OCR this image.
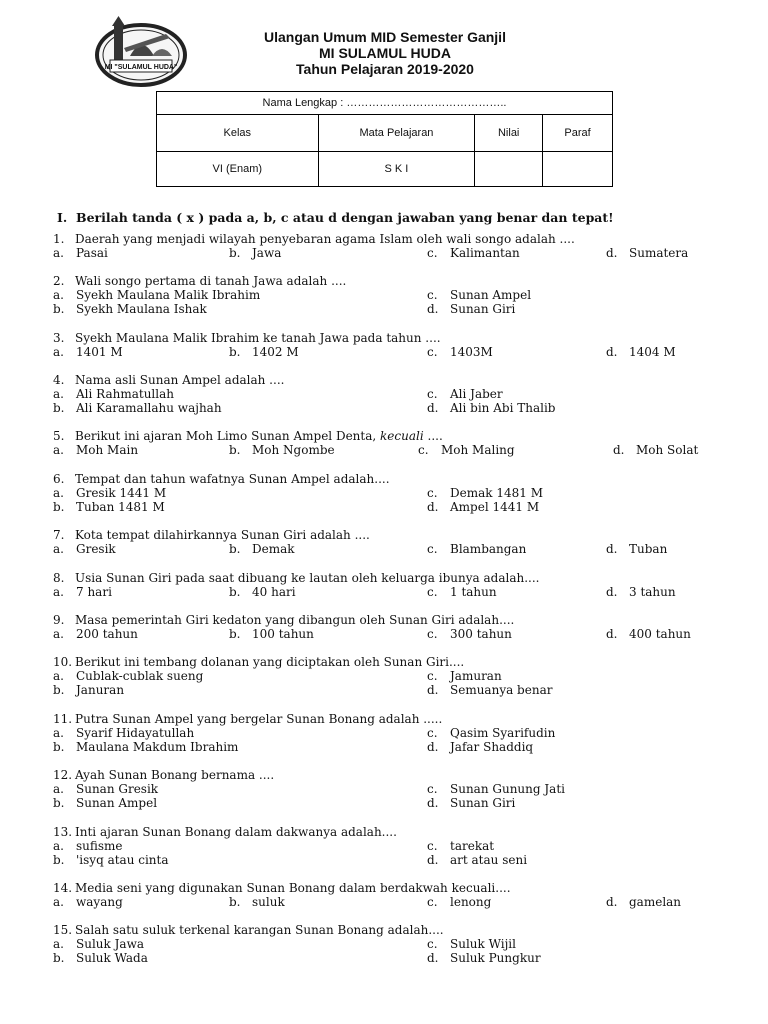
MI "SULAMUL HUDA"
Ulangan Umum MID Semester Ganjil
MI SULAMUL HUDA
Tahun Pelajaran 2019-2020
Nama Lengkap : ……………………………………..			
Kelas	Mata Pelajaran	Nilai	Paraf
VI (Enam)	S K I		
I. Berilah tanda ( x ) pada a, b, c atau d dengan jawaban yang benar dan tepat!
1. Daerah yang menjadi wilayah penyebaran agama Islam oleh wali songo adalah ....
a. Pasai	b. Jawa	c. Kalimantan	d. Sumatera
2. Wali songo pertama di tanah Jawa adalah ....
a. Syekh Maulana Malik Ibrahim	c. Sunan Ampel
b. Syekh Maulana Ishak	d. Sunan Giri
3. Syekh Maulana Malik Ibrahim ke tanah Jawa pada tahun ....
a. 1401 M	b. 1402 M	c. 1403M	d. 1404 M
4. Nama asli Sunan Ampel adalah ....
a. Ali Rahmatullah	c. Ali Jaber
b. Ali Karamallahu wajhah	d. Ali bin Abi Thalib
5. Berikut ini ajaran Moh Limo Sunan Ampel Denta, kecuali ....
a. Moh Main	b. Moh Ngombe	c. Moh Maling	d. Moh Solat
6. Tempat dan tahun wafatnya Sunan Ampel adalah....
a. Gresik 1441 M	c. Demak 1481 M
b. Tuban 1481 M	d. Ampel 1441 M
7. Kota tempat dilahirkannya Sunan Giri adalah ....
a. Gresik	b. Demak	c. Blambangan	d. Tuban
8. Usia Sunan Giri pada saat dibuang ke lautan oleh keluarga ibunya adalah....
a. 7 hari	b. 40 hari	c. 1 tahun	d. 3 tahun
9. Masa pemerintah Giri kedaton yang dibangun oleh Sunan Giri adalah....
a. 200 tahun	b. 100 tahun	c. 300 tahun	d. 400 tahun
10. Berikut ini tembang dolanan yang diciptakan oleh Sunan Giri....
a. Cublak-cublak sueng	c. Jamuran
b. Januran	d. Semuanya benar
11. Putra Sunan Ampel yang bergelar Sunan Bonang adalah .....
a. Syarif Hidayatullah	c. Qasim Syarifudin
b. Maulana Makdum Ibrahim	d. Jafar Shaddiq
12. Ayah Sunan Bonang bernama ....
a. Sunan Gresik	c. Sunan Gunung Jati
b. Sunan Ampel	d. Sunan Giri
13. Inti ajaran Sunan Bonang dalam dakwanya adalah....
a. sufisme	c. tarekat
b. 'isyq atau cinta	d. art atau seni
14. Media seni yang digunakan Sunan Bonang dalam berdakwah kecuali....
a. wayang	b. suluk	c. lenong	d. gamelan
15. Salah satu suluk terkenal karangan Sunan Bonang adalah....
a. Suluk Jawa	c. Suluk Wijil
b. Suluk Wada	d. Suluk Pungkur
